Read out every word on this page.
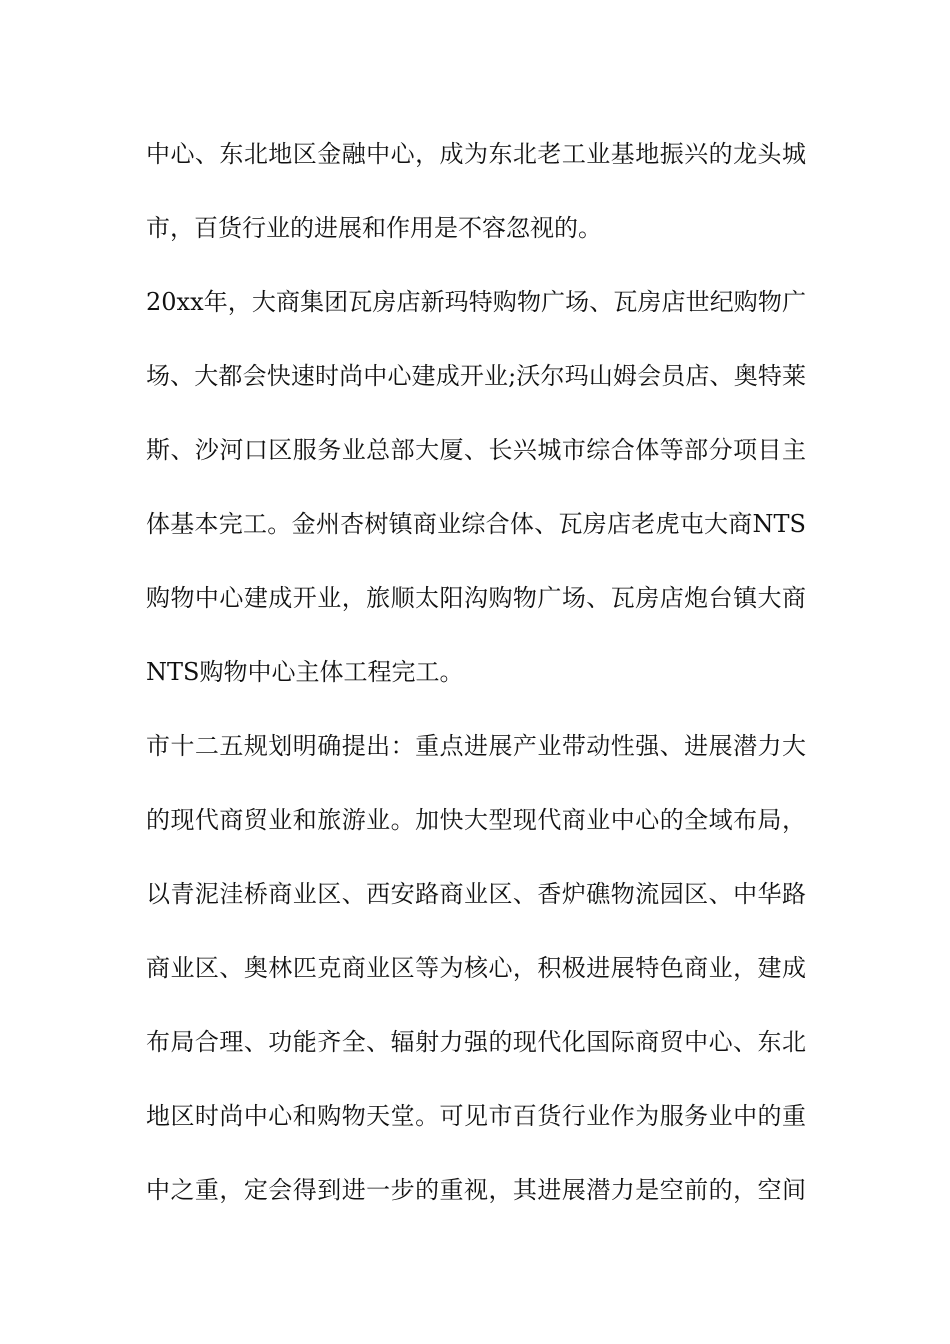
中心、东北地区金融中心，成为东北老工业基地振兴的龙头城
市，百货行业的进展和作用是不容忽视的。
20xx年，大商集团瓦房店新玛特购物广场、瓦房店世纪购物广
场、大都会快速时尚中心建成开业;沃尔玛山姆会员店、奥特莱
斯、沙河口区服务业总部大厦、长兴城市综合体等部分项目主
体基本完工。金州杏树镇商业综合体、瓦房店老虎屯大商NTS
购物中心建成开业，旅顺太阳沟购物广场、瓦房店炮台镇大商
NTS购物中心主体工程完工。
市十二五规划明确提出：重点进展产业带动性强、进展潜力大
的现代商贸业和旅游业。加快大型现代商业中心的全域布局，
以青泥洼桥商业区、西安路商业区、香炉礁物流园区、中华路
商业区、奥林匹克商业区等为核心，积极进展特色商业，建成
布局合理、功能齐全、辐射力强的现代化国际商贸中心、东北
地区时尚中心和购物天堂。可见市百货行业作为服务业中的重
中之重，定会得到进一步的重视，其进展潜力是空前的，空间
